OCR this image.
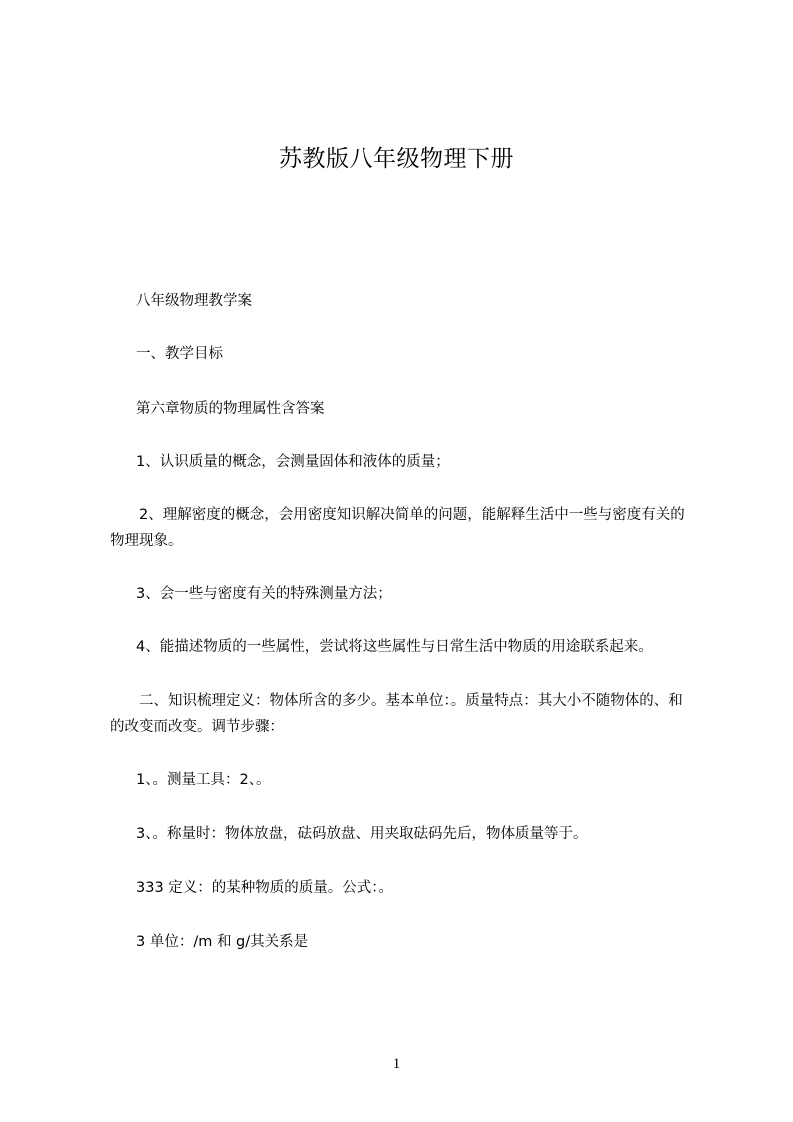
苏教版八年级物理下册
八年级物理教学案
一、教学目标
第六章物质的物理属性含答案
1、认识质量的概念，会测量固体和液体的质量；
2、理解密度的概念，会用密度知识解决简单的问题，能解释生活中一些与密度有关的物理现象。
3、会一些与密度有关的特殊测量方法；
4、能描述物质的一些属性，尝试将这些属性与日常生活中物质的用途联系起来。
二、知识梳理定义：物体所含的多少。基本单位：。质量特点：其大小不随物体的、和的改变而改变。调节步骤：
1、。测量工具：2、。
3、。称量时：物体放盘，砝码放盘、用夹取砝码先后，物体质量等于。
333 定义：的某种物质的质量。公式：。
3 单位：/m 和 g/其关系是
1
